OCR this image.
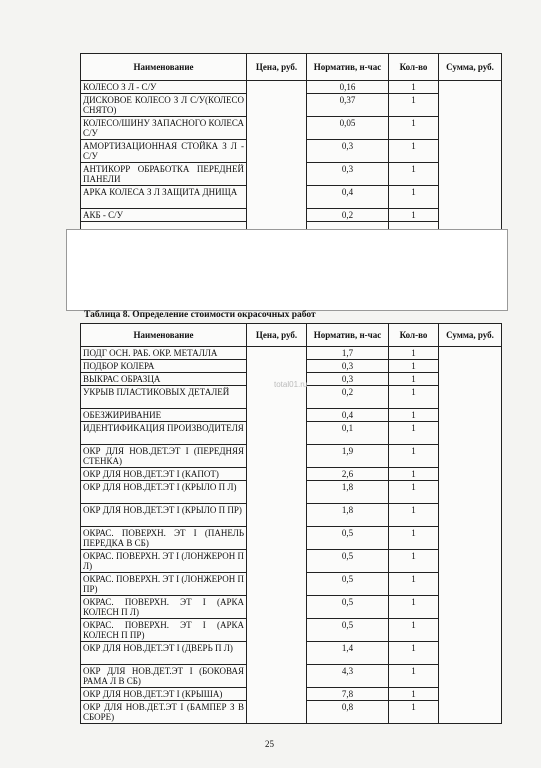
Наименование	Цена, руб.	Норматив, н-час	Кол-во	Сумма, руб.
КОЛЕСО З Л - С/У		0,16	1	
ДИСКОВОЕ КОЛЕСО З Л С/У(КОЛЕСО СНЯТО)		0,37	1	
КОЛЕСО/ШИНУ ЗАПАСНОГО КОЛЕСА С/У		0,05	1	
АМОРТИЗАЦИОННАЯ СТОЙКА З Л - С/У		0,3	1	
АНТИКОРР ОБРАБОТКА ПЕРЕДНЕЙ ПАНЕЛИ		0,3	1	
АРКА КОЛЕСА З Л ЗАЩИТА ДНИЩА		0,4	1	
АКБ - С/У		0,2	1	

Таблица 8. Определение стоимости окрасочных работ
Наименование	Цена, руб.	Норматив, н-час	Кол-во	Сумма, руб.
ПОДГ ОСН. РАБ. ОКР. МЕТАЛЛА		1,7	1	
ПОДБОР КОЛЕРА		0,3	1	
ВЫКРАС ОБРАЗЦА		0,3	1	
УКРЫВ ПЛАСТИКОВЫХ ДЕТАЛЕЙ		0,2	1	
ОБЕЗЖИРИВАНИЕ		0,4	1	
ИДЕНТИФИКАЦИЯ ПРОИЗВОДИТЕЛЯ		0,1	1	
ОКР ДЛЯ НОВ.ДЕТ.ЭТ I (ПЕРЕДНЯЯ СТЕНКА)		1,9	1	
ОКР ДЛЯ НОВ.ДЕТ.ЭТ I (КАПОТ)		2,6	1	
ОКР ДЛЯ НОВ.ДЕТ.ЭТ I (КРЫЛО П Л)		1,8	1	
ОКР ДЛЯ НОВ.ДЕТ.ЭТ I (КРЫЛО П ПР)		1,8	1	
ОКРАС. ПОВЕРХН. ЭТ I (ПАНЕЛЬ ПЕРЕДКА В СБ)		0,5	1	
ОКРАС. ПОВЕРХН. ЭТ I (ЛОНЖЕРОН П Л)		0,5	1	
ОКРАС. ПОВЕРХН. ЭТ I (ЛОНЖЕРОН П ПР)		0,5	1	
ОКРАС. ПОВЕРХН. ЭТ I (АРКА КОЛЕСН П Л)		0,5	1	
ОКРАС. ПОВЕРХН. ЭТ I (АРКА КОЛЕСН П ПР)		0,5	1	
ОКР ДЛЯ НОВ.ДЕТ.ЭТ I (ДВЕРЬ П Л)		1,4	1	
ОКР ДЛЯ НОВ.ДЕТ.ЭТ I (БОКОВАЯ РАМА Л В СБ)		4,3	1	
ОКР ДЛЯ НОВ.ДЕТ.ЭТ I (КРЫША)		7,8	1	
ОКР ДЛЯ НОВ.ДЕТ.ЭТ I (БАМПЕР З В СБОРЕ)		0,8	1	
total01.ru
25
